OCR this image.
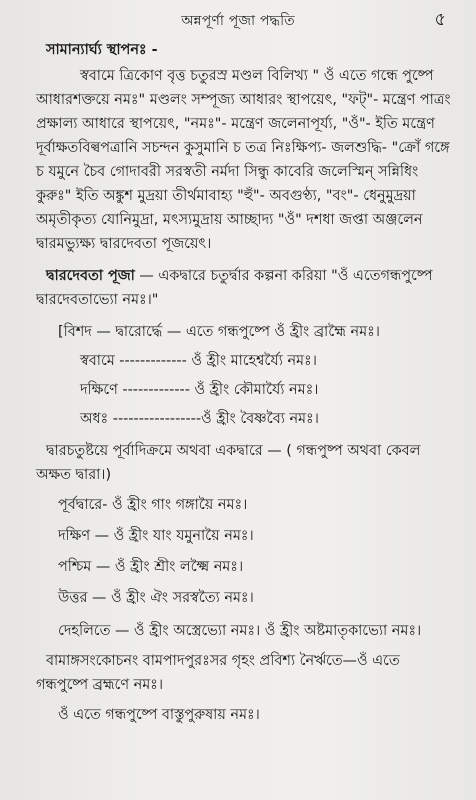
অন্নপূর্ণা পূজা পদ্ধতি	৫
সামান্যার্ঘ্য স্থাপনঃ -
স্ববামে ত্রিকোণ বৃত্ত চতুরস্র মণ্ডল বিলিখ্য " ওঁ এতে গন্ধে পুষ্পে
আধারশক্তয়ে নমঃ" মণ্ডলং সম্পূজ্য আধারং স্থাপয়েৎ, "ফট্"- মন্ত্রেণ পাত্রং
প্রক্ষাল্য আধারে স্থাপয়েৎ, "নমঃ"- মন্ত্রেণ জলেনাপূর্য্য, "ওঁ"- ইতি মন্ত্রেণ
দূর্বাক্ষতবিল্বপত্রানি সচন্দন কুসুমানি চ তত্র নিঃক্ষিপ্য- জলশুদ্ধি- "ক্রোঁ গঙ্গে
চ যমুনে চৈব গোদাবরী সরস্বতী নর্মদা সিন্ধু কাবেরি জলেস্মিন্ সন্নিধিং
কুরুঃ" ইতি অঙ্কুশ মুদ্রয়া তীর্থমাবাহ্য "হুঁ"- অবগুণ্ঠ্য, "বং"- ধেনুমুদ্রয়া
অমৃতীকৃত্য যোনিমুদ্রা, মৎস্যমুদ্রায় আচ্ছাদ্য "ওঁ" দশধা জপ্তা অঞ্জলেন
দ্বারমভ্যুক্ষ্য দ্বারদেবতা পূজয়েৎ।
দ্বারদেবতা পূজা — একদ্বারে চতুর্দ্বার কল্পনা করিয়া "ওঁ এতেগন্ধপুষ্পে
দ্বারদেবতাভ্যো নমঃ।"
[বিশদ — দ্বারোর্দ্ধে — এতে গন্ধপুষ্পে ওঁ হ্রীং ব্রাহ্মৈ নমঃ।
স্ববামে ------------- ওঁ হ্রীং মাহেশ্বর্য্যৈ নমঃ।
দক্ষিণে ------------- ওঁ হ্রীং কৌমার্য্যৈ নমঃ।
অধঃ -----------------ওঁ হ্রীং বৈষ্ণব্যৈ নমঃ।
দ্বারচতুষ্টয়ে পূর্বাদিক্রমে অথবা একদ্বারে — ( গন্ধপুষ্প অথবা কেবল
অক্ষত দ্বারা।)
পূর্বদ্বারে- ওঁ হ্রীং গাং গঙ্গায়ৈ নমঃ।
দক্ষিণ — ওঁ হ্রীং যাং যমুনায়ৈ নমঃ।
পশ্চিম — ওঁ হ্রীং শ্রীং লক্ষ্মৈ নমঃ।
উত্তর — ওঁ হ্রীং ঐং সরস্বত্যৈ নমঃ।
দেহলিতে — ওঁ হ্রীং অস্ত্রেভ্যো নমঃ। ওঁ হ্রীং অষ্টমাতৃকাভ্যো নমঃ।
বামাঙ্গসংকোচনং বামপাদপুরঃসর গৃহং প্রবিশ্য নৈর্ঋতে—ওঁ এতে
গন্ধপুষ্পে ব্রহ্মণে নমঃ।
ওঁ এতে গন্ধপুষ্পে বাস্তুপুরুষায় নমঃ।
